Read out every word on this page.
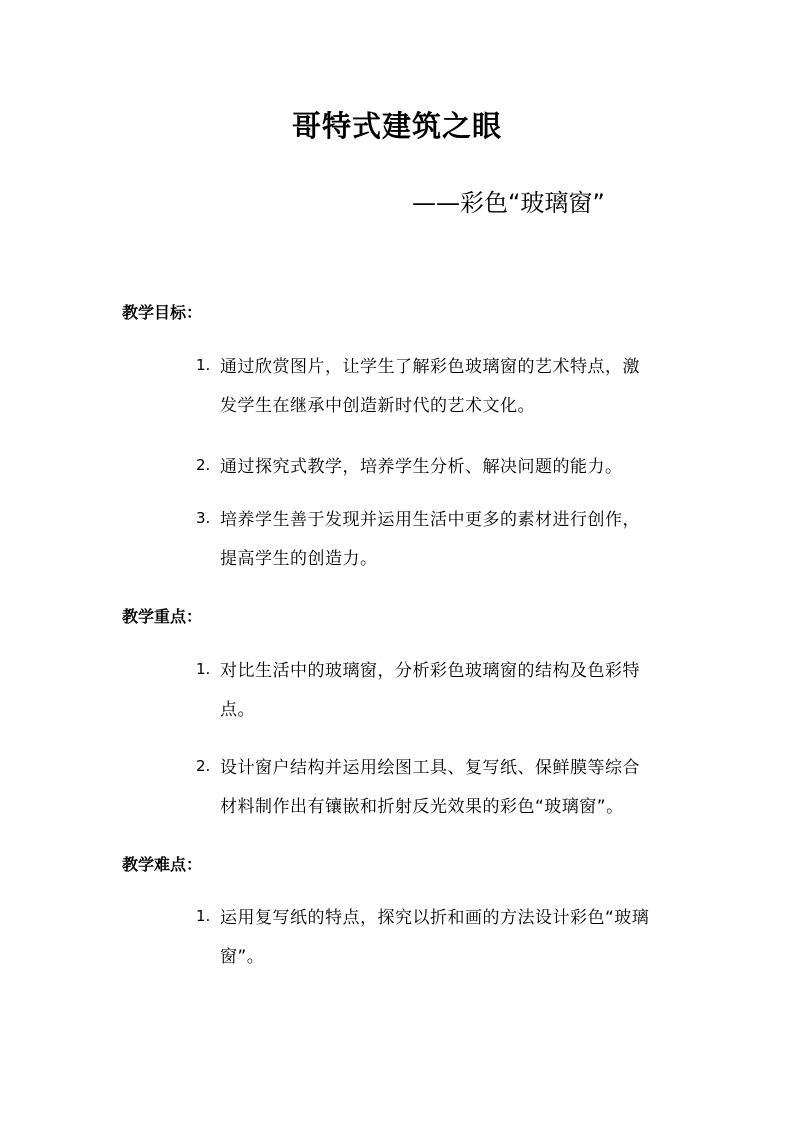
哥特式建筑之眼
——彩色“玻璃窗”
教学目标：
1. 通过欣赏图片，让学生了解彩色玻璃窗的艺术特点，激
发学生在继承中创造新时代的艺术文化。
2. 通过探究式教学，培养学生分析、解决问题的能力。
3. 培养学生善于发现并运用生活中更多的素材进行创作，
提高学生的创造力。
教学重点：
1. 对比生活中的玻璃窗，分析彩色玻璃窗的结构及色彩特
点。
2. 设计窗户结构并运用绘图工具、复写纸、保鲜膜等综合
材料制作出有镶嵌和折射反光效果的彩色“玻璃窗”。
教学难点：
1. 运用复写纸的特点，探究以折和画的方法设计彩色“玻璃
窗”。
